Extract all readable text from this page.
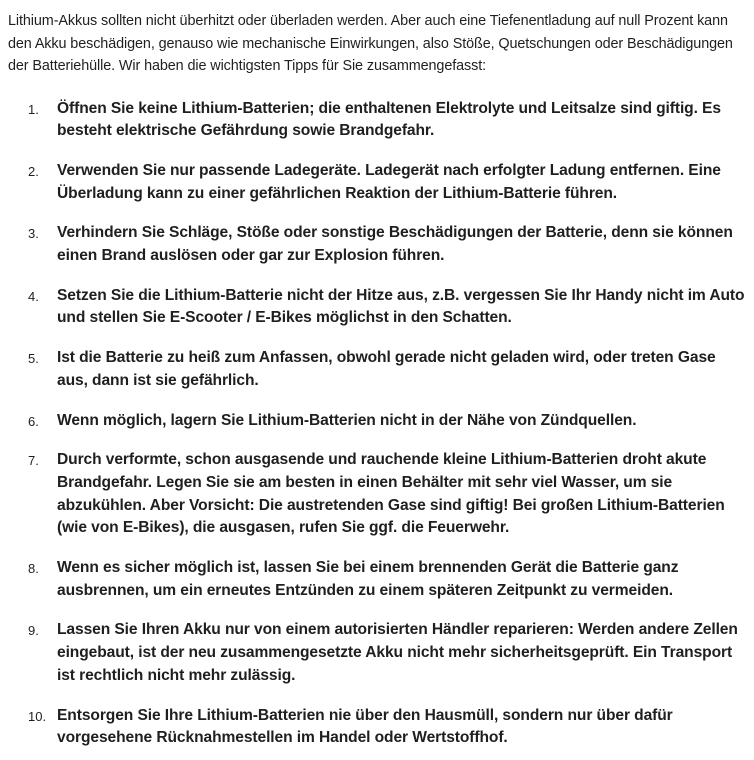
Lithium-Akkus sollten nicht überhitzt oder überladen werden. Aber auch eine Tiefenentladung auf null Prozent kann den Akku beschädigen, genauso wie mechanische Einwirkungen, also Stöße, Quetschungen oder Beschädigungen der Batteriehülle. Wir haben die wichtigsten Tipps für Sie zusammengefasst:

1. Öffnen Sie keine Lithium-Batterien; die enthaltenen Elektrolyte und Leitsalze sind giftig. Es besteht elektrische Gefährdung sowie Brandgefahr.
2. Verwenden Sie nur passende Ladegeräte. Ladegerät nach erfolgter Ladung entfernen. Eine Überladung kann zu einer gefährlichen Reaktion der Lithium-Batterie führen.
3. Verhindern Sie Schläge, Stöße oder sonstige Beschädigungen der Batterie, denn sie können einen Brand auslösen oder gar zur Explosion führen.
4. Setzen Sie die Lithium-Batterie nicht der Hitze aus, z.B. vergessen Sie Ihr Handy nicht im Auto und stellen Sie E-Scooter / E-Bikes möglichst in den Schatten.
5. Ist die Batterie zu heiß zum Anfassen, obwohl gerade nicht geladen wird, oder treten Gase aus, dann ist sie gefährlich.
6. Wenn möglich, lagern Sie Lithium-Batterien nicht in der Nähe von Zündquellen.
7. Durch verformte, schon ausgasende und rauchende kleine Lithium-Batterien droht akute Brandgefahr. Legen Sie sie am besten in einen Behälter mit sehr viel Wasser, um sie abzukühlen. Aber Vorsicht: Die austretenden Gase sind giftig! Bei großen Lithium-Batterien (wie von E-Bikes), die ausgasen, rufen Sie ggf. die Feuerwehr.
8. Wenn es sicher möglich ist, lassen Sie bei einem brennenden Gerät die Batterie ganz ausbrennen, um ein erneutes Entzünden zu einem späteren Zeitpunkt zu vermeiden.
9. Lassen Sie Ihren Akku nur von einem autorisierten Händler reparieren: Werden andere Zellen eingebaut, ist der neu zusammengesetzte Akku nicht mehr sicherheitsgeprüft. Ein Transport ist rechtlich nicht mehr zulässig.
10. Entsorgen Sie Ihre Lithium-Batterien nie über den Hausmüll, sondern nur über dafür vorgesehene Rücknahmestellen im Handel oder Wertstoffhof.
